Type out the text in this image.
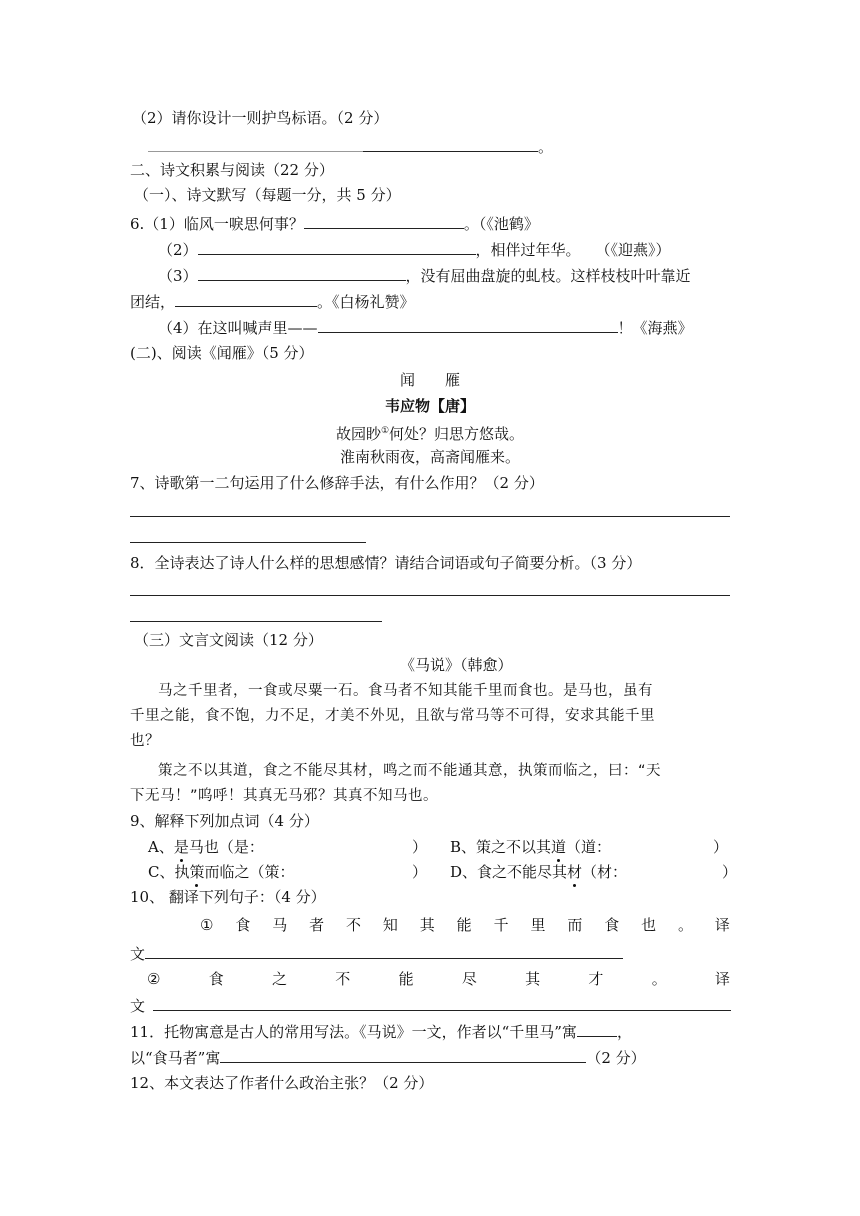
（2）请你设计一则护鸟标语。（2 分）
。
二、诗文积累与阅读（22 分）
（一）、诗文默写（每题一分，共 5 分）
6.（1）临风一唳思何事？	。（《池鹤》
（2）	，相伴过年华。　　（《迎燕》）
（3）	，没有屈曲盘旋的虬枝。这样枝枝叶叶靠近
团结，	。《白杨礼赞》
（4）在这叫喊声里——	！《海燕》
(二)、阅读《闻雁》（5 分）
闻　　雁
韦应物【唐】
故园眇①何处？归思方悠哉。
淮南秋雨夜，高斋闻雁来。
7、诗歌第一二句运用了什么修辞手法，有什么作用？（2 分）
8．全诗表达了诗人什么样的思想感情？请结合词语或句子简要分析。（3 分）
（三）文言文阅读（12 分）
《马说》（韩愈）
马之千里者，一食或尽粟一石。食马者不知其能千里而食也。是马也，虽有
千里之能，食不饱，力不足，才美不外见，且欲与常马等不可得，安求其能千里
也？
策之不以其道，食之不能尽其材，鸣之而不能通其意，执策而临之，曰：“天
下无马！”呜呼！其真无马邪？其真不知马也。
9、解释下列加点词（4 分）
A、是马也（是：	） B、策之不以其道（道：	）
C、执策而临之（策：	） D、食之不能尽其材（材：	）
10、 翻译下列句子：（4 分）
① 食 马 者 不 知 其 能 千 里 而 食 也 。 译
文
②	食	之	不	能	尽	其	才	。	译
文
11．托物寓意是古人的常用写法。《马说》一文，作者以“千里马”寓	，
以“食马者”寓	（2 分）
12、本文表达了作者什么政治主张？（2 分）
